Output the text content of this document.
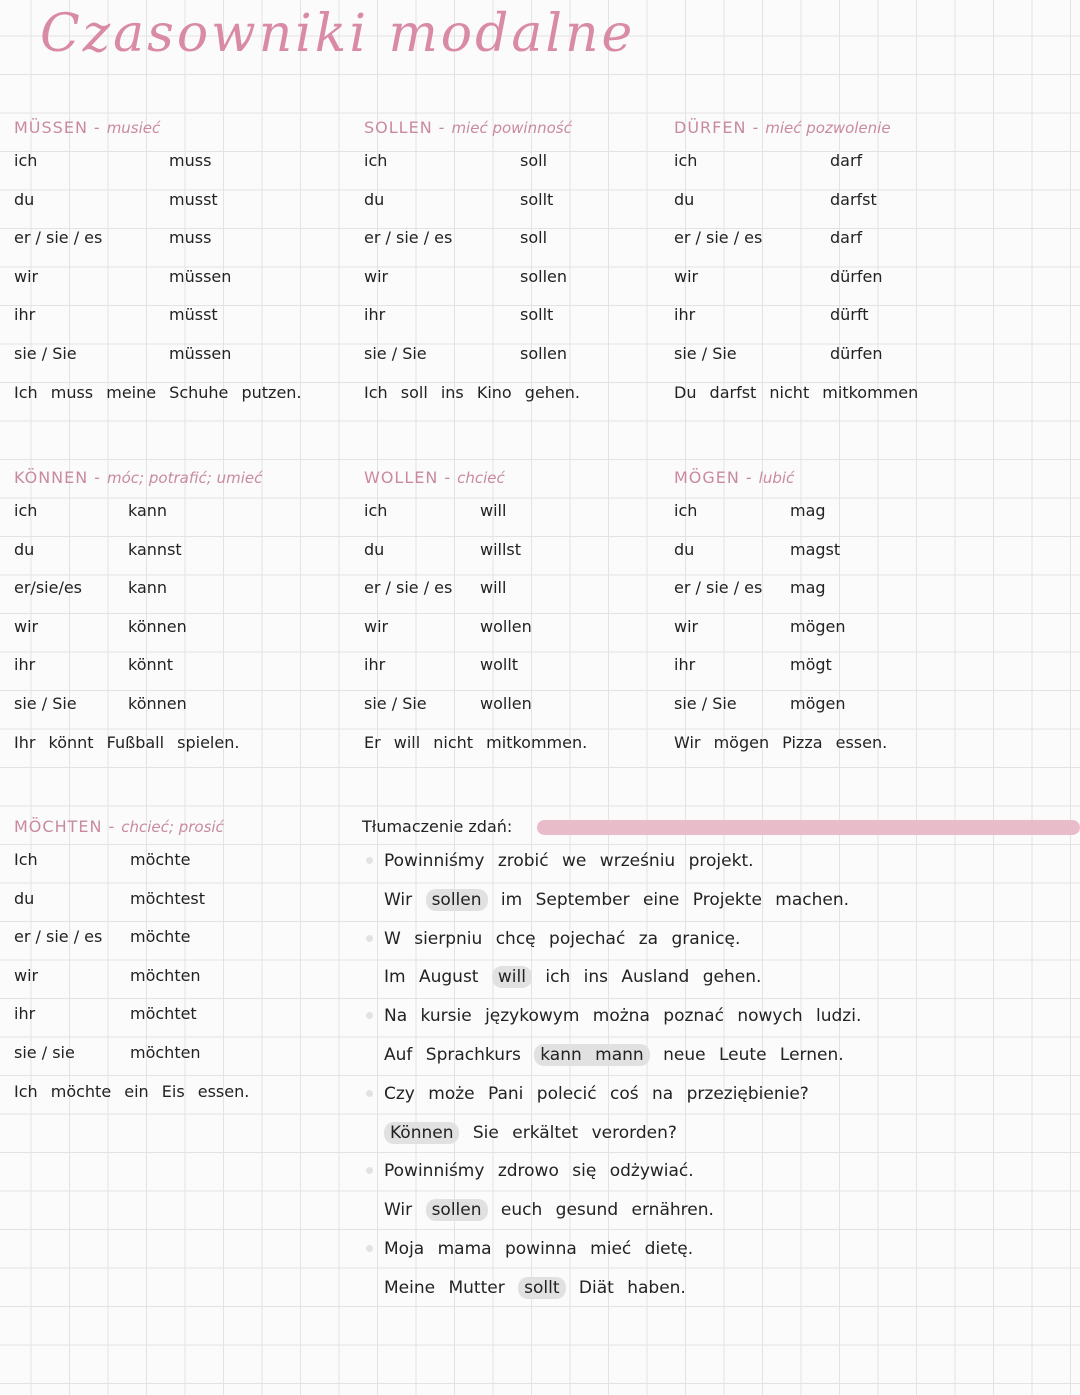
Czasowniki modalne
MÜSSEN - musieć
ich	muss
du	musst
er / sie / es	muss
wir	müssen
ihr	müsst
sie / Sie	müssen
Ich muss meine Schuhe putzen.
SOLLEN - mieć powinność
ich	soll
du	sollt
er / sie / es	soll
wir	sollen
ihr	sollt
sie / Sie	sollen
Ich soll ins Kino gehen.
DÜRFEN - mieć pozwolenie
ich	darf
du	darfst
er / sie / es	darf
wir	dürfen
ihr	dürft
sie / Sie	dürfen
Du darfst nicht mitkommen
KÖNNEN - móc; potrafić; umieć
ich	kann
du	kannst
er/sie/es	kann
wir	können
ihr	könnt
sie / Sie	können
Ihr könnt Fußball spielen.
WOLLEN - chcieć
ich	will
du	willst
er / sie / es will
wir	wollen
ihr	wollt
sie / Sie	wollen
Er will nicht mitkommen.
MÖGEN - lubić
ich	mag
du	magst
er / sie / es mag
wir	mögen
ihr	mögt
sie / Sie	mögen
Wir mögen Pizza essen.
MÖCHTEN - chcieć; prosić
Ich	möchte
du	möchtest
er / sie / es möchte
wir	möchten
ihr	möchtet
sie / sie	möchten
Ich möchte ein Eis essen.
Tłumaczenie zdań:
Powinniśmy zrobić we wrześniu projekt.
Wir sollen im September eine Projekte machen.
W sierpniu chcę pojechać za granicę.
Im August will ich ins Ausland gehen.
Na kursie językowym można poznać nowych ludzi.
Auf Sprachkurs kann mann neue Leute Lernen.
Czy może Pani polecić coś na przeziębienie?
Können Sie erkältet verorden?
Powinniśmy zdrowo się odżywiać.
Wir sollen euch gesund ernähren.
Moja mama powinna mieć dietę.
Meine Mutter sollt Diät haben.
